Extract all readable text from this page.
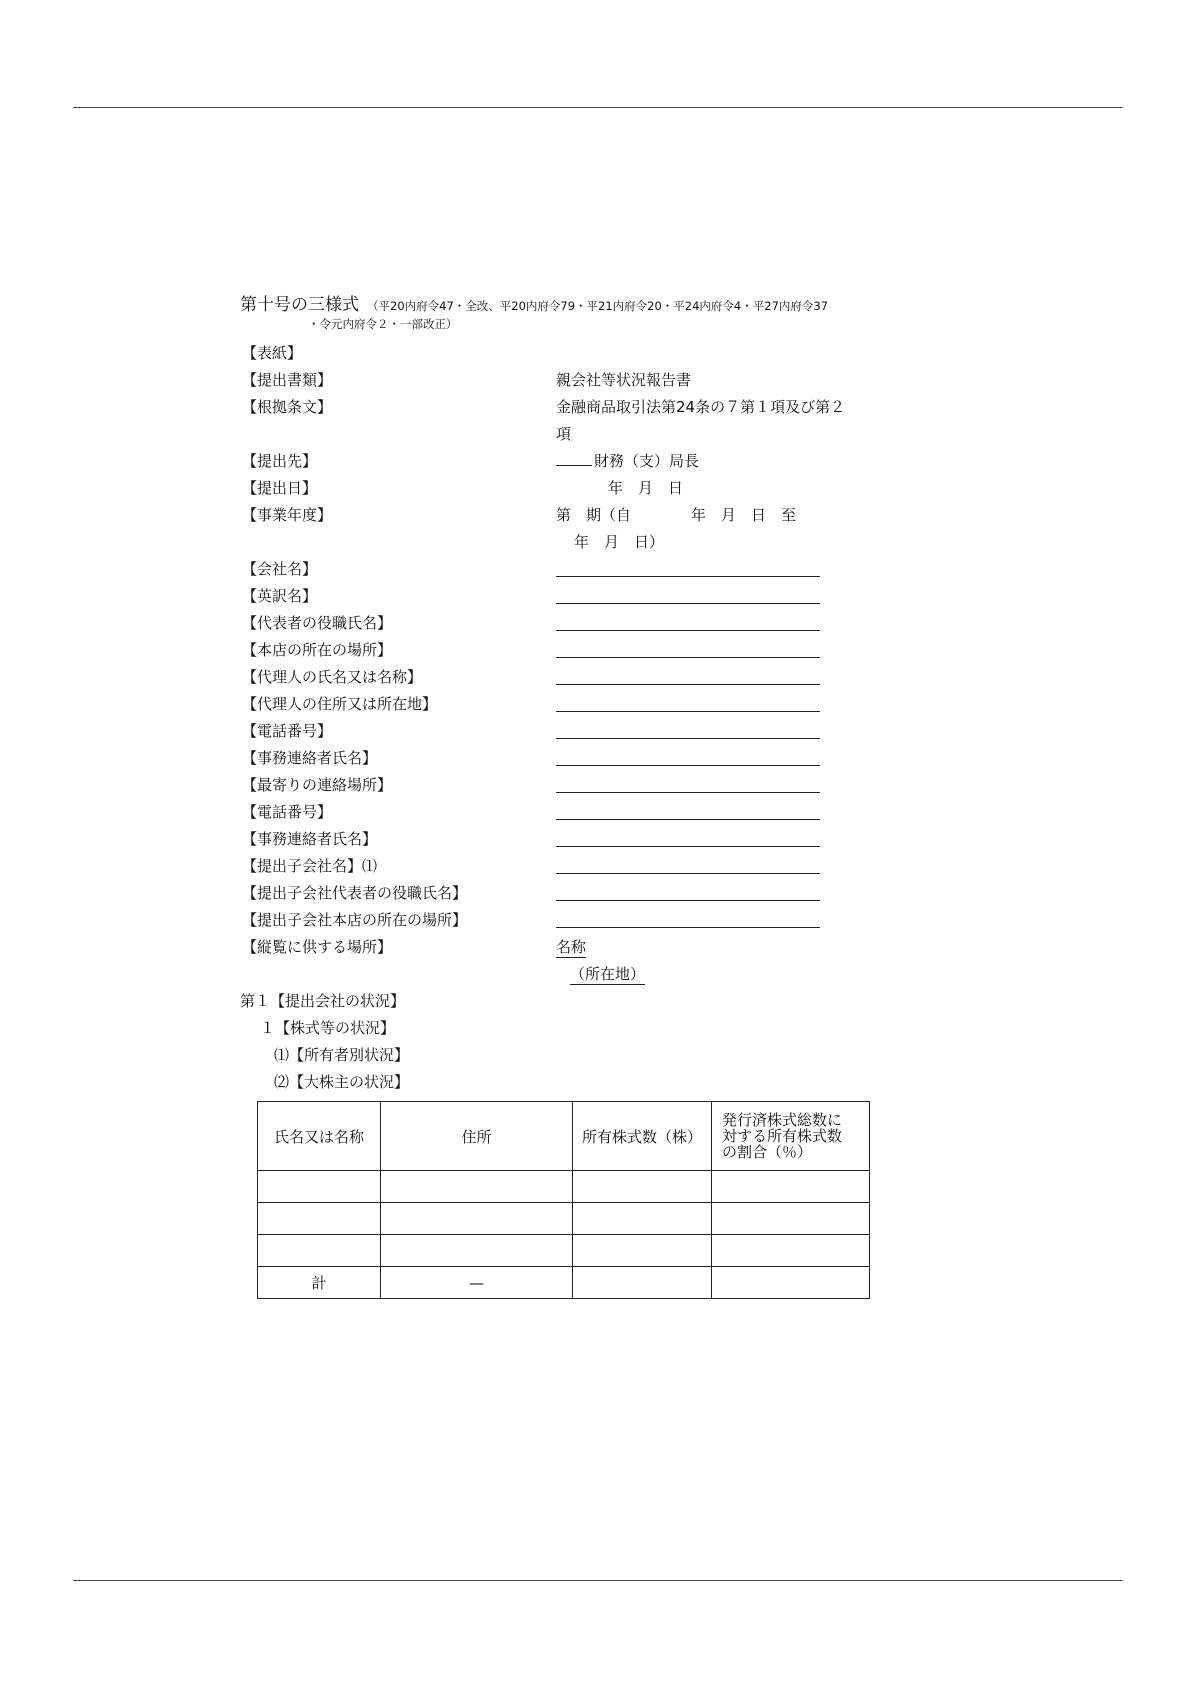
第十号の三様式 （平20内府令47・全改、平20内府令79・平21内府令20・平24内府令4・平27内府令37
・令元内府令２・一部改正）
【表紙】
【提出書類】	親会社等状況報告書
【根拠条文】	金融商品取引法第24条の７第１項及び第２
項
【提出先】	財務（支）局長
【提出日】	年　月　日
【事業年度】	第　期（自　　　　年　月　日　至
年　月　日）
【会社名】
【英訳名】
【代表者の役職氏名】
【本店の所在の場所】
【代理人の氏名又は名称】
【代理人の住所又は所在地】
【電話番号】
【事務連絡者氏名】
【最寄りの連絡場所】
【電話番号】
【事務連絡者氏名】
【提出子会社名】⑴
【提出子会社代表者の役職氏名】
【提出子会社本店の所在の場所】
【縦覧に供する場所】	名称
（所在地）
第１【提出会社の状況】
１【株式等の状況】
⑴【所有者別状況】
⑵【大株主の状況】
氏名又は名称	住所	所有株式数（株）	発行済株式総数に
対する所有株式数
の割合（％）

計	—		
